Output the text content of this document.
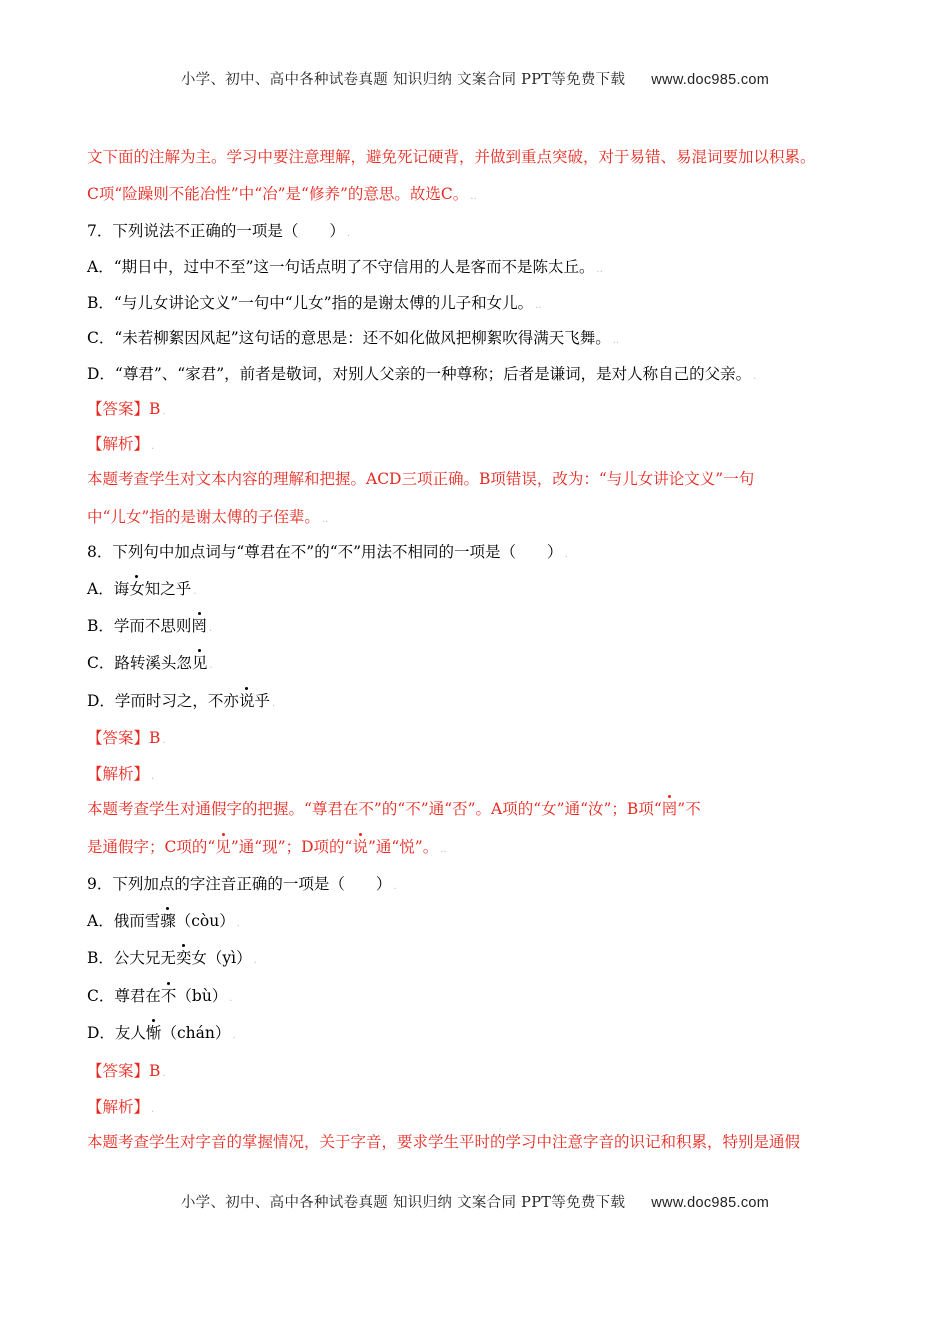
小学、初中、高中各种试卷真题 知识归纳 文案合同 PPT等免费下载 www.doc985.com
文下面的注解为主。学习中要注意理解，避免死记硬背，并做到重点突破，对于易错、易混词要加以积累。
C项“险躁则不能冶性”中“冶”是“修养”的意思。故选C。 ..
7．下列说法不正确的一项是（　　） .
A．“期日中，过中不至”这一句话点明了不守信用的人是客而不是陈太丘。 ..
B．“与儿女讲论文义”一句中“儿女”指的是谢太傅的儿子和女儿。 ..
C．“未若柳絮因风起”这句话的意思是：还不如化做风把柳絮吹得满天飞舞。 ..
D．“尊君”、“家君”，前者是敬词，对别人父亲的一种尊称；后者是谦词，是对人称自己的父亲。 .
【答案】B .
【解析】 .
本题考查学生对文本内容的理解和把握。ACD三项正确。B项错误，改为：“与儿女讲论文义”一句
中“儿女”指的是谢太傅的子侄辈。 ..
8．下列句中加点词与“尊君在不”的“不”用法不相同的一项是（　　） .
A．诲女知之乎 .
B．学而不思则罔 .
C．路转溪头忽见 .
D．学而时习之，不亦说乎 .
【答案】B .
【解析】 .
本题考查学生对通假字的把握。“尊君在不”的“不”通“否”。A项的“女”通“汝”；B项“罔”不
是通假字；C项的“见”通“现”；D项的“说”通“悦”。 ..
9．下列加点的字注音正确的一项是（　　） .
A．俄而雪骤（còu） .
B．公大兄无奕女（yì） .
C．尊君在不（bù） .
D．友人惭（chán） .
【答案】B .
【解析】 .
本题考查学生对字音的掌握情况，关于字音，要求学生平时的学习中注意字音的识记和积累，特别是通假
小学、初中、高中各种试卷真题 知识归纳 文案合同 PPT等免费下载 www.doc985.com
